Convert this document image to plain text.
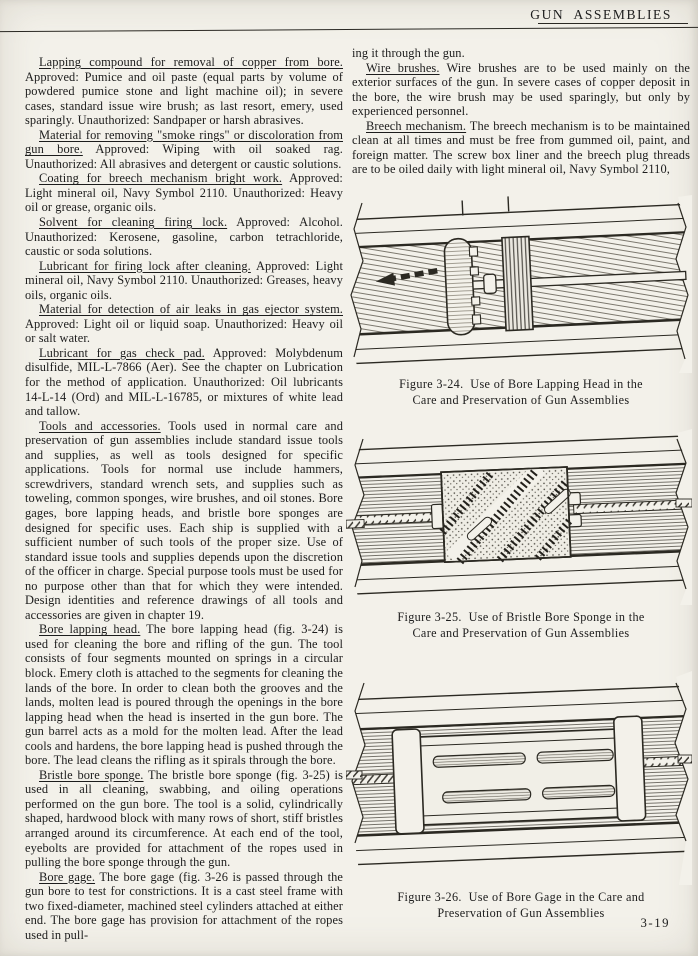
GUN  ASSEMBLIES

Lapping compound for removal of copper from bore. Approved: Pumice and oil paste (equal parts by volume of powdered pumice stone and light machine oil); in severe cases, standard issue wire brush; as last resort, emery, used sparingly. Unauthorized: Sandpaper or harsh abrasives.

Material for removing "smoke rings" or discoloration from gun bore. Approved: Wiping with oil soaked rag. Unauthorized: All abrasives and detergent or caustic solutions.

Coating for breech mechanism bright work. Approved: Light mineral oil, Navy Symbol 2110. Unauthorized: Heavy oil or grease, organic oils.

Solvent for cleaning firing lock. Approved: Alcohol. Unauthorized: Kerosene, gasoline, carbon tetrachloride, caustic or soda solutions.

Lubricant for firing lock after cleaning. Approved: Light mineral oil, Navy Symbol 2110. Unauthorized: Greases, heavy oils, organic oils.

Material for detection of air leaks in gas ejector system. Approved: Light oil or liquid soap. Unauthorized: Heavy oil or salt water.

Lubricant for gas check pad. Approved: Molybdenum disulfide, MIL-L-7866 (Aer). See the chapter on Lubrication for the method of application. Unauthorized: Oil lubricants 14-L-14 (Ord) and MIL-L-16785, or mixtures of white lead and tallow.

Tools and accessories. Tools used in normal care and preservation of gun assemblies include standard issue tools and supplies, as well as tools designed for specific applications. Tools for normal use include hammers, screwdrivers, standard wrench sets, and supplies such as toweling, common sponges, wire brushes, and oil stones. Bore gages, bore lapping heads, and bristle bore sponges are designed for specific uses. Each ship is supplied with a sufficient number of such tools of the proper size. Use of standard issue tools and supplies depends upon the discretion of the officer in charge. Special purpose tools must be used for no purpose other than that for which they were intended. Design identities and reference drawings of all tools and accessories are given in chapter 19.

Bore lapping head. The bore lapping head (fig. 3-24) is used for cleaning the bore and rifling of the gun. The tool consists of four segments mounted on springs in a circular block. Emery cloth is attached to the segments for cleaning the lands of the bore. In order to clean both the grooves and the lands, molten lead is poured through the openings in the bore lapping head when the head is inserted in the gun bore. The gun barrel acts as a mold for the molten lead. After the lead cools and hardens, the bore lapping head is pushed through the bore. The lead cleans the rifling as it spirals through the bore.

Bristle bore sponge. The bristle bore sponge (fig. 3-25) is used in all cleaning, swabbing, and oiling operations performed on the gun bore. The tool is a solid, cylindrically shaped, hardwood block with many rows of short, stiff bristles arranged around its circumference. At each end of the tool, eyebolts are provided for attachment of the ropes used in pulling the bore sponge through the gun.

Bore gage. The bore gage (fig. 3-26 is passed through the gun bore to test for constrictions. It is a cast steel frame with two fixed-diameter, machined steel cylinders attached at either end. The bore gage has provision for attachment of the ropes used in pull-

ing it through the gun.

Wire brushes. Wire brushes are to be used mainly on the exterior surfaces of the gun. In severe cases of copper deposit in the bore, the wire brush may be used sparingly, but only by experienced personnel.

Breech mechanism. The breech mechanism is to be maintained clean at all times and must be free from gummed oil, paint, and foreign matter. The screw box liner and the breech plug threads are to be oiled daily with light mineral oil, Navy Symbol 2110,

Figure 3-24.  Use of Bore Lapping Head in the
Care and Preservation of Gun Assemblies
Figure 3-25.  Use of Bristle Bore Sponge in the
Care and Preservation of Gun Assemblies
Figure 3-26.  Use of Bore Gage in the Care and
Preservation of Gun Assemblies
3-19
